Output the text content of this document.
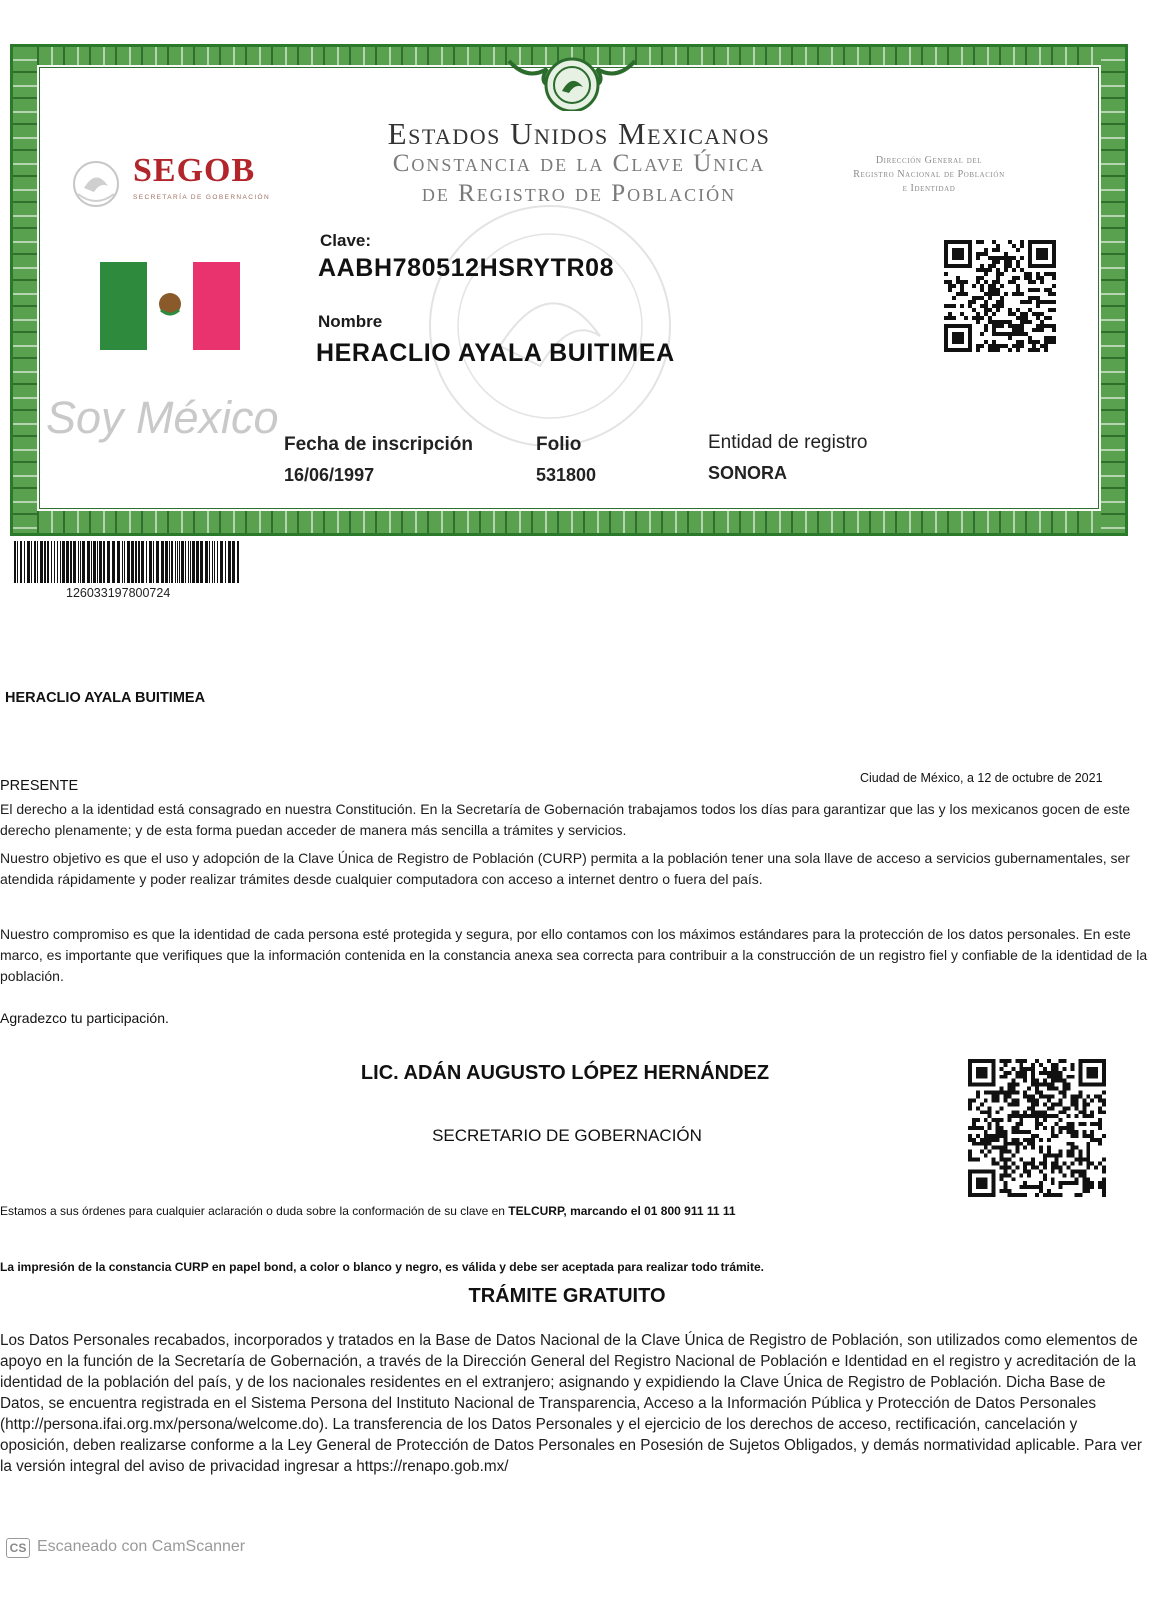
Estados Unidos Mexicanos
Constancia de la Clave Única
de Registro de Población
SEGOB
SECRETARÍA DE GOBERNACIÓN
Dirección General del
Registro Nacional de Población
e Identidad
Soy México
Clave:
AABH780512HSRYTR08
Nombre
HERACLIO AYALA BUITIMEA
Fecha de inscripción
16/06/1997
Folio
531800
Entidad de registro
SONORA
126033197800724
HERACLIO AYALA BUITIMEA
PRESENTE	Ciudad de México, a 12 de octubre de 2021

El derecho a la identidad está consagrado en nuestra Constitución. En la Secretaría de Gobernación trabajamos todos los días para garantizar que las y los mexicanos gocen de este derecho plenamente; y de esta forma puedan acceder de manera más sencilla a trámites y servicios.

Nuestro objetivo es que el uso y adopción de la Clave Única de Registro de Población (CURP) permita a la población tener una sola llave de acceso a servicios gubernamentales, ser atendida rápidamente y poder realizar trámites desde cualquier computadora con acceso a internet dentro o fuera del país.

Nuestro compromiso es que la identidad de cada persona esté protegida y segura, por ello contamos con los máximos estándares para la protección de los datos personales. En este marco, es importante que verifiques que la información contenida en la constancia anexa sea correcta para contribuir a la construcción de un registro fiel y confiable de la identidad de la población.

Agradezco tu participación.
LIC. ADÁN AUGUSTO LÓPEZ HERNÁNDEZ
SECRETARIO DE GOBERNACIÓN
Estamos a sus órdenes para cualquier aclaración o duda sobre la conformación de su clave en TELCURP, marcando el 01 800 911 11 11
La impresión de la constancia CURP en papel bond, a color o blanco y negro, es válida y debe ser aceptada para realizar todo trámite.
TRÁMITE GRATUITO

Los Datos Personales recabados, incorporados y tratados en la Base de Datos Nacional de la Clave Única de Registro de Población, son utilizados como elementos de apoyo en la función de la Secretaría de Gobernación, a través de la Dirección General del Registro Nacional de Población e Identidad en el registro y acreditación de la identidad de la población del país, y de los nacionales residentes en el extranjero; asignando y expidiendo la Clave Única de Registro de Población. Dicha Base de Datos, se encuentra registrada en el Sistema Persona del Instituto Nacional de Transparencia, Acceso a la Información Pública y Protección de Datos Personales (http://persona.ifai.org.mx/persona/welcome.do). La transferencia de los Datos Personales y el ejercicio de los derechos de acceso, rectificación, cancelación y oposición, deben realizarse conforme a la Ley General de Protección de Datos Personales en Posesión de Sujetos Obligados, y demás normatividad aplicable. Para ver la versión integral del aviso de privacidad ingresar a https://renapo.gob.mx/

CS Escaneado con CamScanner
